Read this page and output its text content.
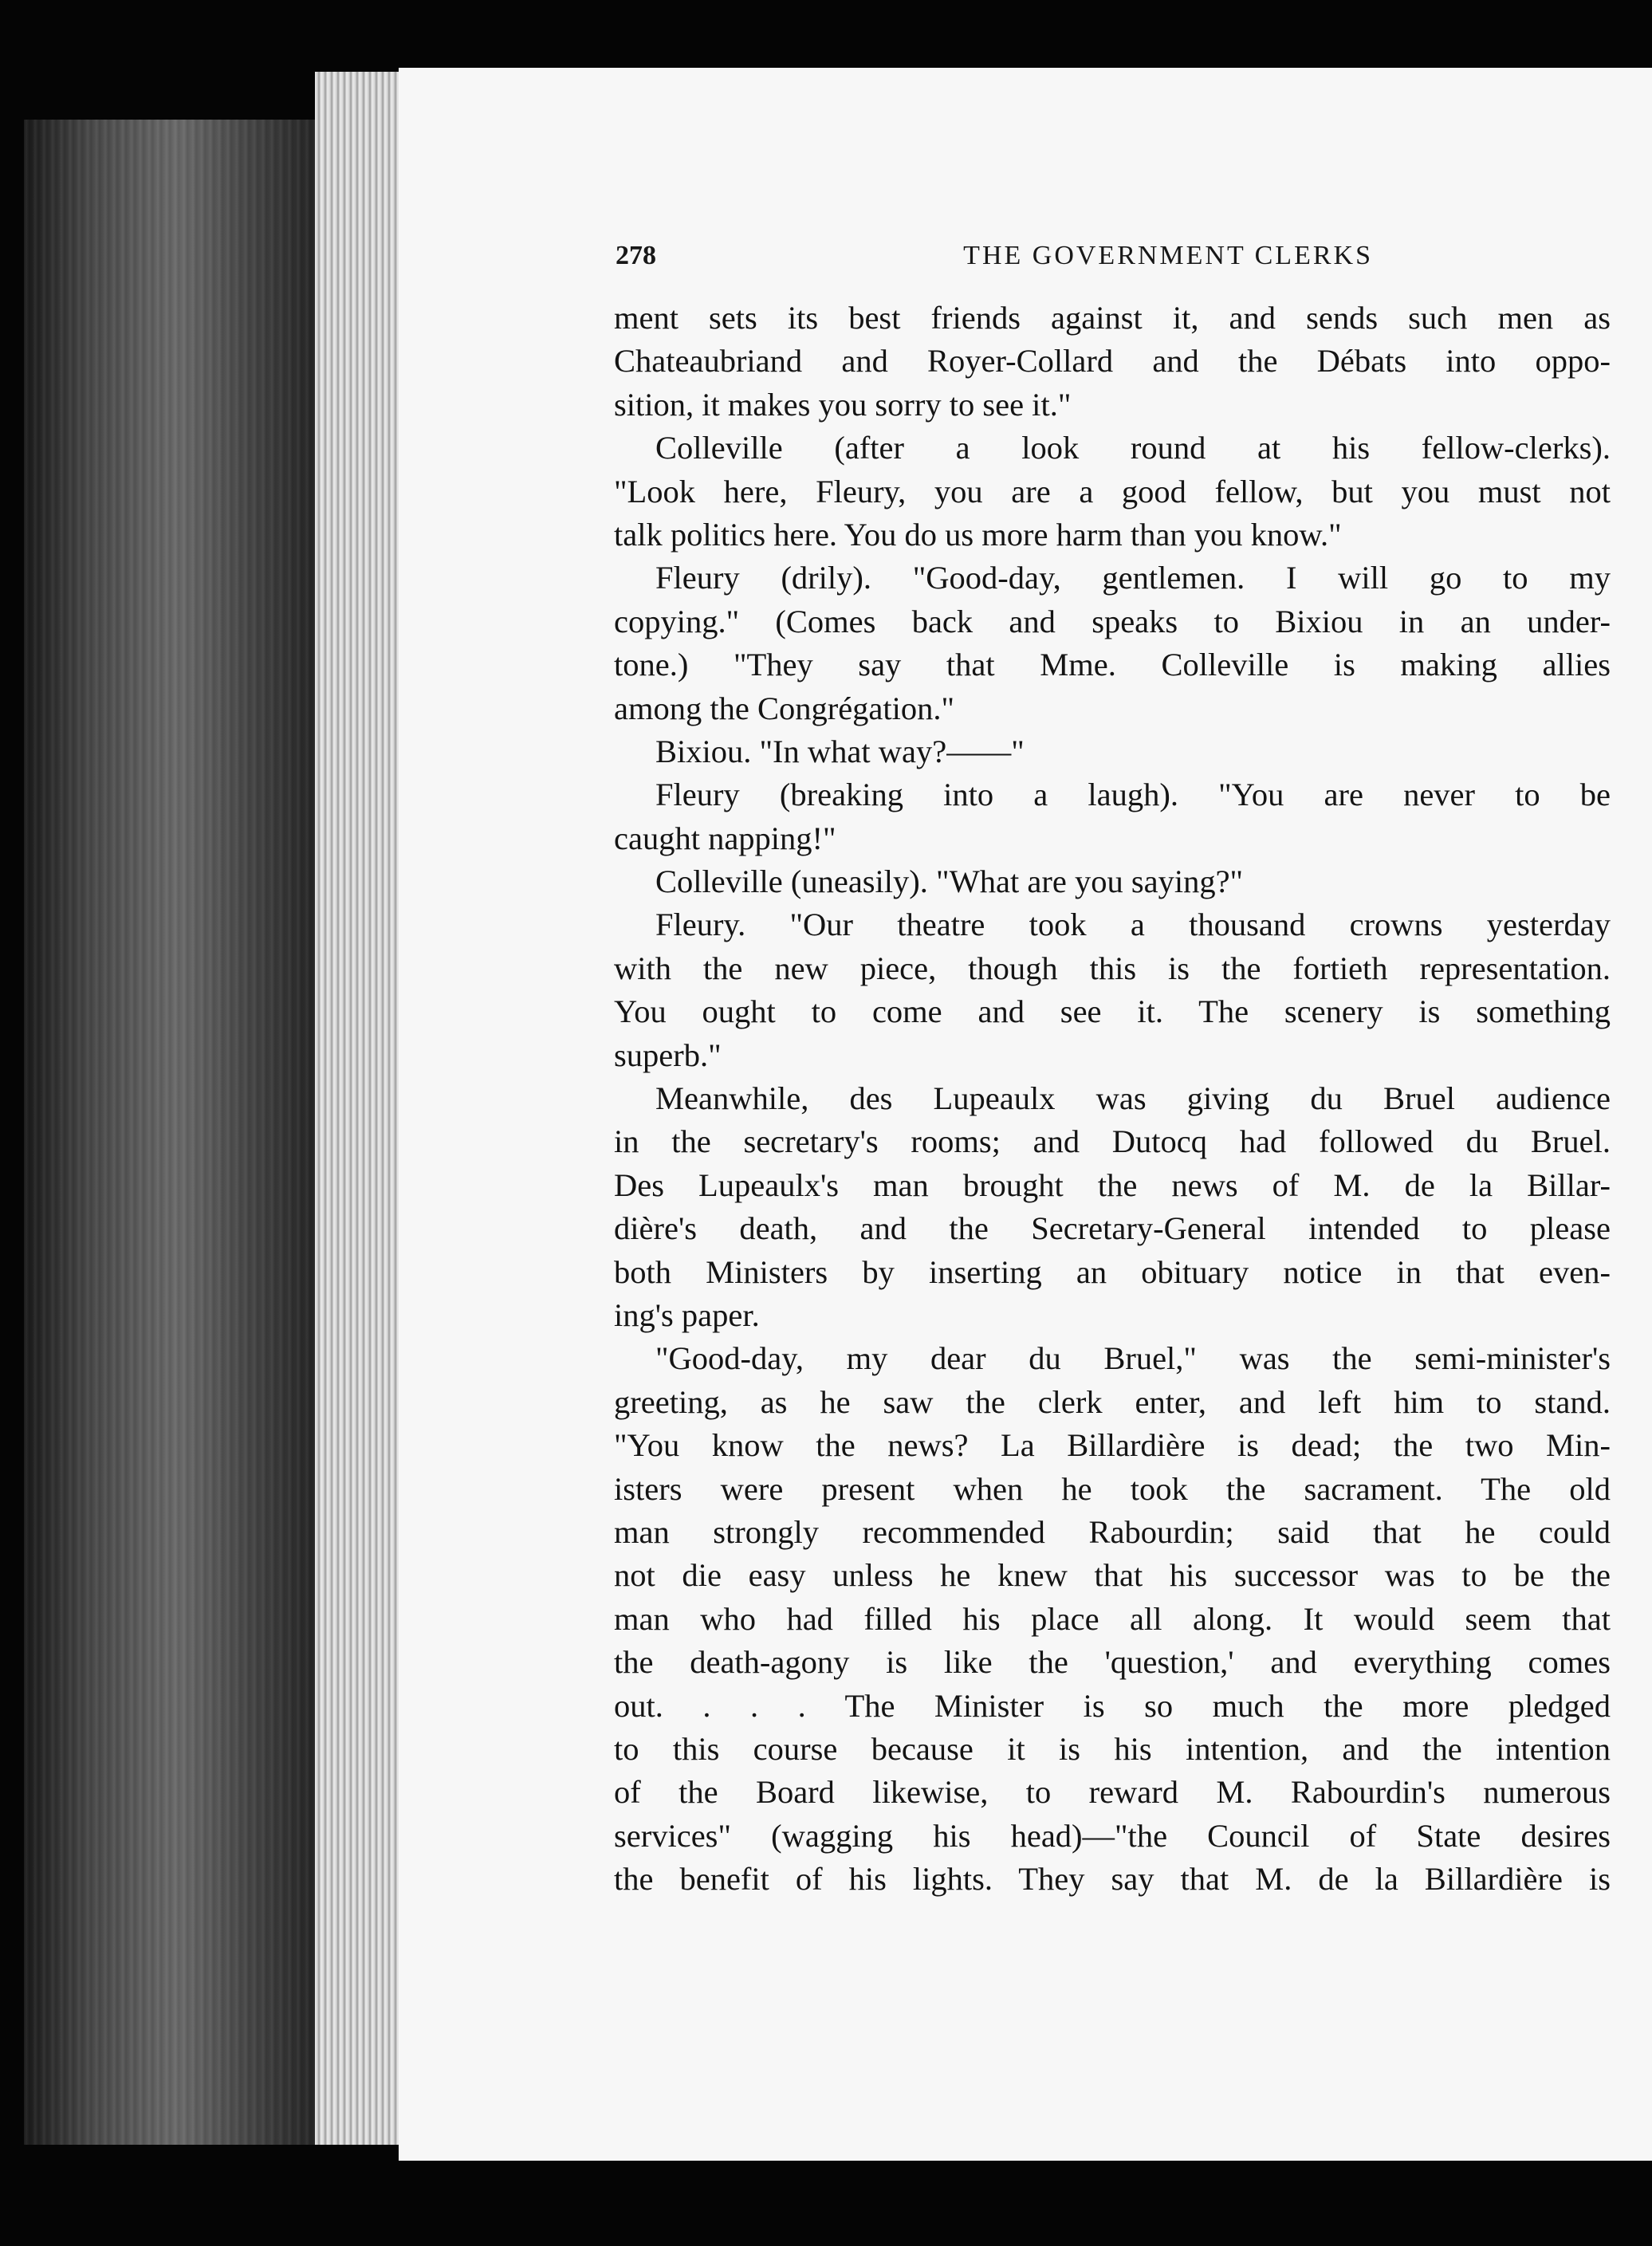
278	THE GOVERNMENT CLERKS
ment sets its best friends against it, and sends such men as
Chateaubriand and Royer-Collard and the Débats into oppo-
sition, it makes you sorry to see it."
Colleville (after a look round at his fellow-clerks).
"Look here, Fleury, you are a good fellow, but you must not
talk politics here. You do us more harm than you know."
Fleury (drily). "Good-day, gentlemen. I will go to my
copying." (Comes back and speaks to Bixiou in an under-
tone.) "They say that Mme. Colleville is making allies
among the Congrégation."
Bixiou. "In what way?——"
Fleury (breaking into a laugh). "You are never to be
caught napping!"
Colleville (uneasily). "What are you saying?"
Fleury. "Our theatre took a thousand crowns yesterday
with the new piece, though this is the fortieth representation.
You ought to come and see it. The scenery is something
superb."
Meanwhile, des Lupeaulx was giving du Bruel audience
in the secretary's rooms; and Dutocq had followed du Bruel.
Des Lupeaulx's man brought the news of M. de la Billar-
dière's death, and the Secretary-General intended to please
both Ministers by inserting an obituary notice in that even-
ing's paper.
"Good-day, my dear du Bruel," was the semi-minister's
greeting, as he saw the clerk enter, and left him to stand.
"You know the news? La Billardière is dead; the two Min-
isters were present when he took the sacrament. The old
man strongly recommended Rabourdin; said that he could
not die easy unless he knew that his successor was to be the
man who had filled his place all along. It would seem that
the death-agony is like the 'question,' and everything comes
out. . . . The Minister is so much the more pledged
to this course because it is his intention, and the intention
of the Board likewise, to reward M. Rabourdin's numerous
services" (wagging his head)—"the Council of State desires
the benefit of his lights. They say that M. de la Billardière is
